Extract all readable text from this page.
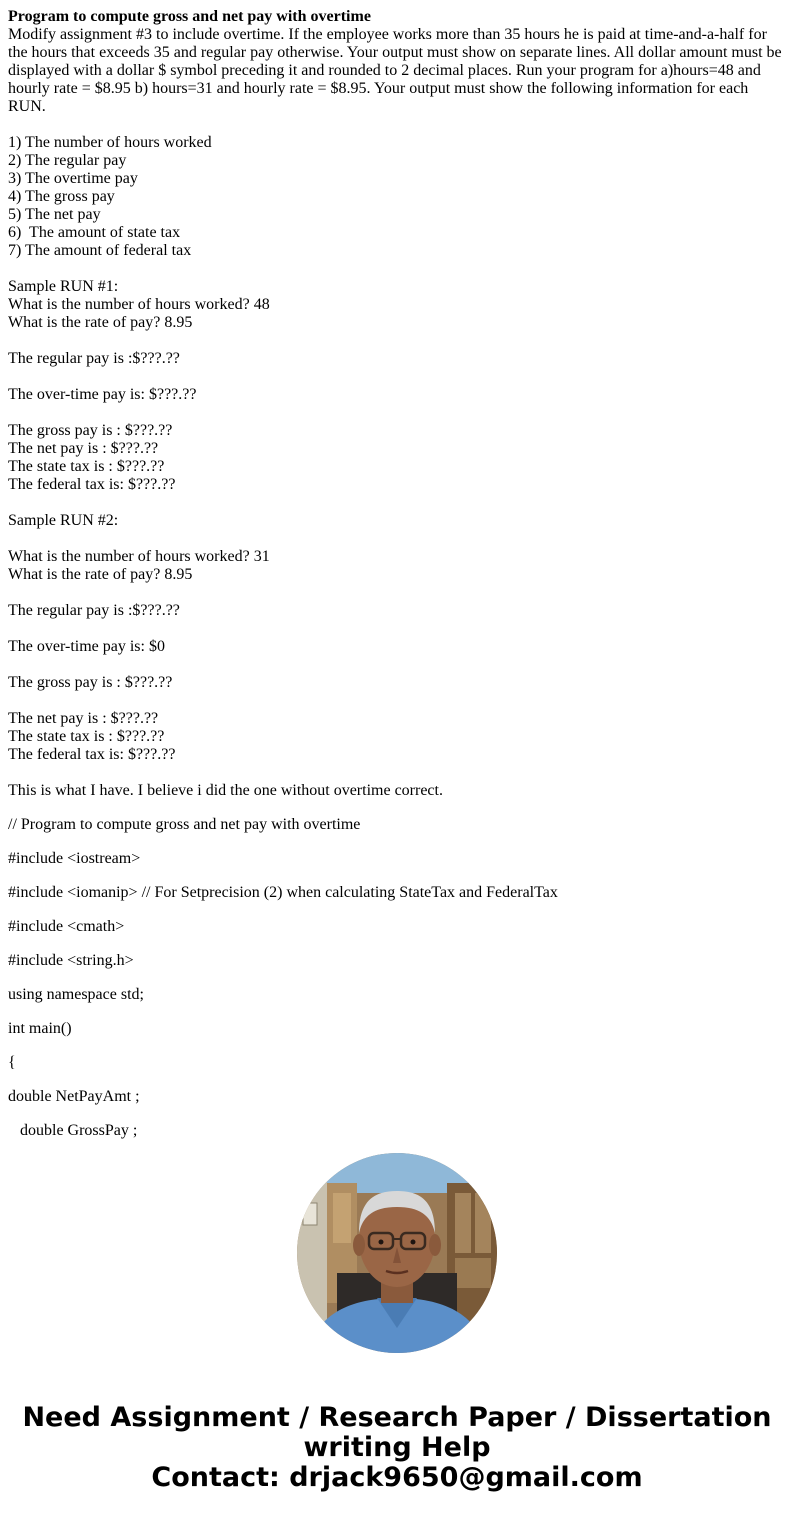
Program to compute gross and net pay with overtime
Modify assignment #3 to include overtime. If the employee works more than 35 hours he is paid at time-and-a-half for the hours that exceeds 35 and regular pay otherwise. Your output must show on separate lines. All dollar amount must be displayed with a dollar $ symbol preceding it and rounded to 2 decimal places. Run your program for a)hours=48 and hourly rate = $8.95 b) hours=31 and hourly rate = $8.95. Your output must show the following information for each RUN.
1) The number of hours worked
2) The regular pay
3) The overtime pay
4) The gross pay
5) The net pay
6)  The amount of state tax
7) The amount of federal tax
Sample RUN #1:
What is the number of hours worked? 48
What is the rate of pay? 8.95
The regular pay is :$???.??
The over-time pay is: $???.??
The gross pay is : $???.??
The net pay is : $???.??
The state tax is : $???.??
The federal tax is: $???.??
Sample RUN #2:
What is the number of hours worked? 31
What is the rate of pay? 8.95
The regular pay is :$???.??
The over-time pay is: $0
The gross pay is : $???.??
The net pay is : $???.??
The state tax is : $???.??
The federal tax is: $???.??
This is what I have. I believe i did the one without overtime correct.
// Program to compute gross and net pay with overtime
#include <iostream>
#include <iomanip> // For Setprecision (2) when calculating StateTax and FederalTax
#include <cmath>
#include <string.h>
using namespace std;
int main()
{
double NetPayAmt ;
double GrossPay ;
Need Assignment / Research Paper / Dissertation
writing Help
Contact: drjack9650@gmail.com
